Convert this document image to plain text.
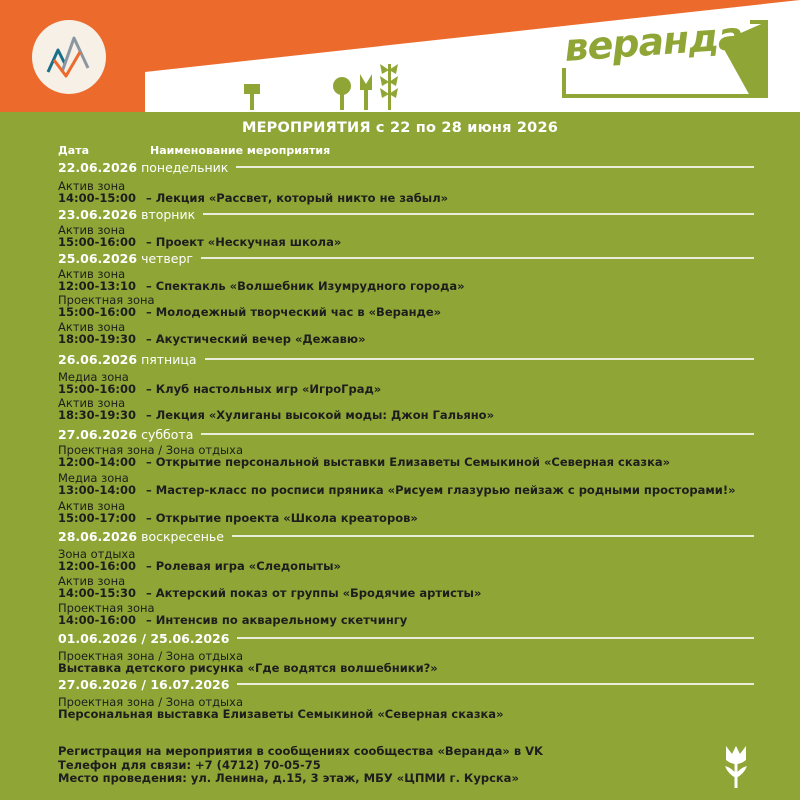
веранда
МЕРОПРИЯТИЯ с 22 по 28 июня 2026
Дата	Наименование мероприятия
22.06.2026 понедельник
Актив зона
14:00-15:00 – Лекция «Рассвет, который никто не забыл»
23.06.2026 вторник
Актив зона
15:00-16:00 – Проект «Нескучная школа»
25.06.2026 четверг
Актив зона
12:00-13:10 – Спектакль «Волшебник Изумрудного города»
Проектная зона
15:00-16:00 – Молодежный творческий час в «Веранде»
Актив зона
18:00-19:30 – Акустический вечер «Дежавю»
26.06.2026 пятница
Медиа зона
15:00-16:00 – Клуб настольных игр «ИгроГрад»
Актив зона
18:30-19:30 – Лекция «Хулиганы высокой моды: Джон Гальяно»
27.06.2026 суббота
Проектная зона / Зона отдыха
12:00-14:00 – Открытие персональной выставки Елизаветы Семыкиной «Северная сказка»
Медиа зона
13:00-14:00 – Мастер-класс по росписи пряника «Рисуем глазурью пейзаж с родными просторами!»
Актив зона
15:00-17:00 – Открытие проекта «Школа креаторов»
28.06.2026 воскресенье
Зона отдыха
12:00-16:00 – Ролевая игра «Следопыты»
Актив зона
14:00-15:30 – Актерский показ от группы «Бродячие артисты»
Проектная зона
14:00-16:00 – Интенсив по акварельному скетчингу
01.06.2026 / 25.06.2026
Проектная зона / Зона отдыха
Выставка детского рисунка «Где водятся волшебники?»
27.06.2026 / 16.07.2026
Проектная зона / Зона отдыха
Персональная выставка Елизаветы Семыкиной «Северная сказка»
Регистрация на мероприятия в сообщениях сообщества «Веранда» в VK
Телефон для связи: +7 (4712) 70-05-75
Место проведения: ул. Ленина, д.15, 3 этаж, МБУ «ЦПМИ г. Курска»
